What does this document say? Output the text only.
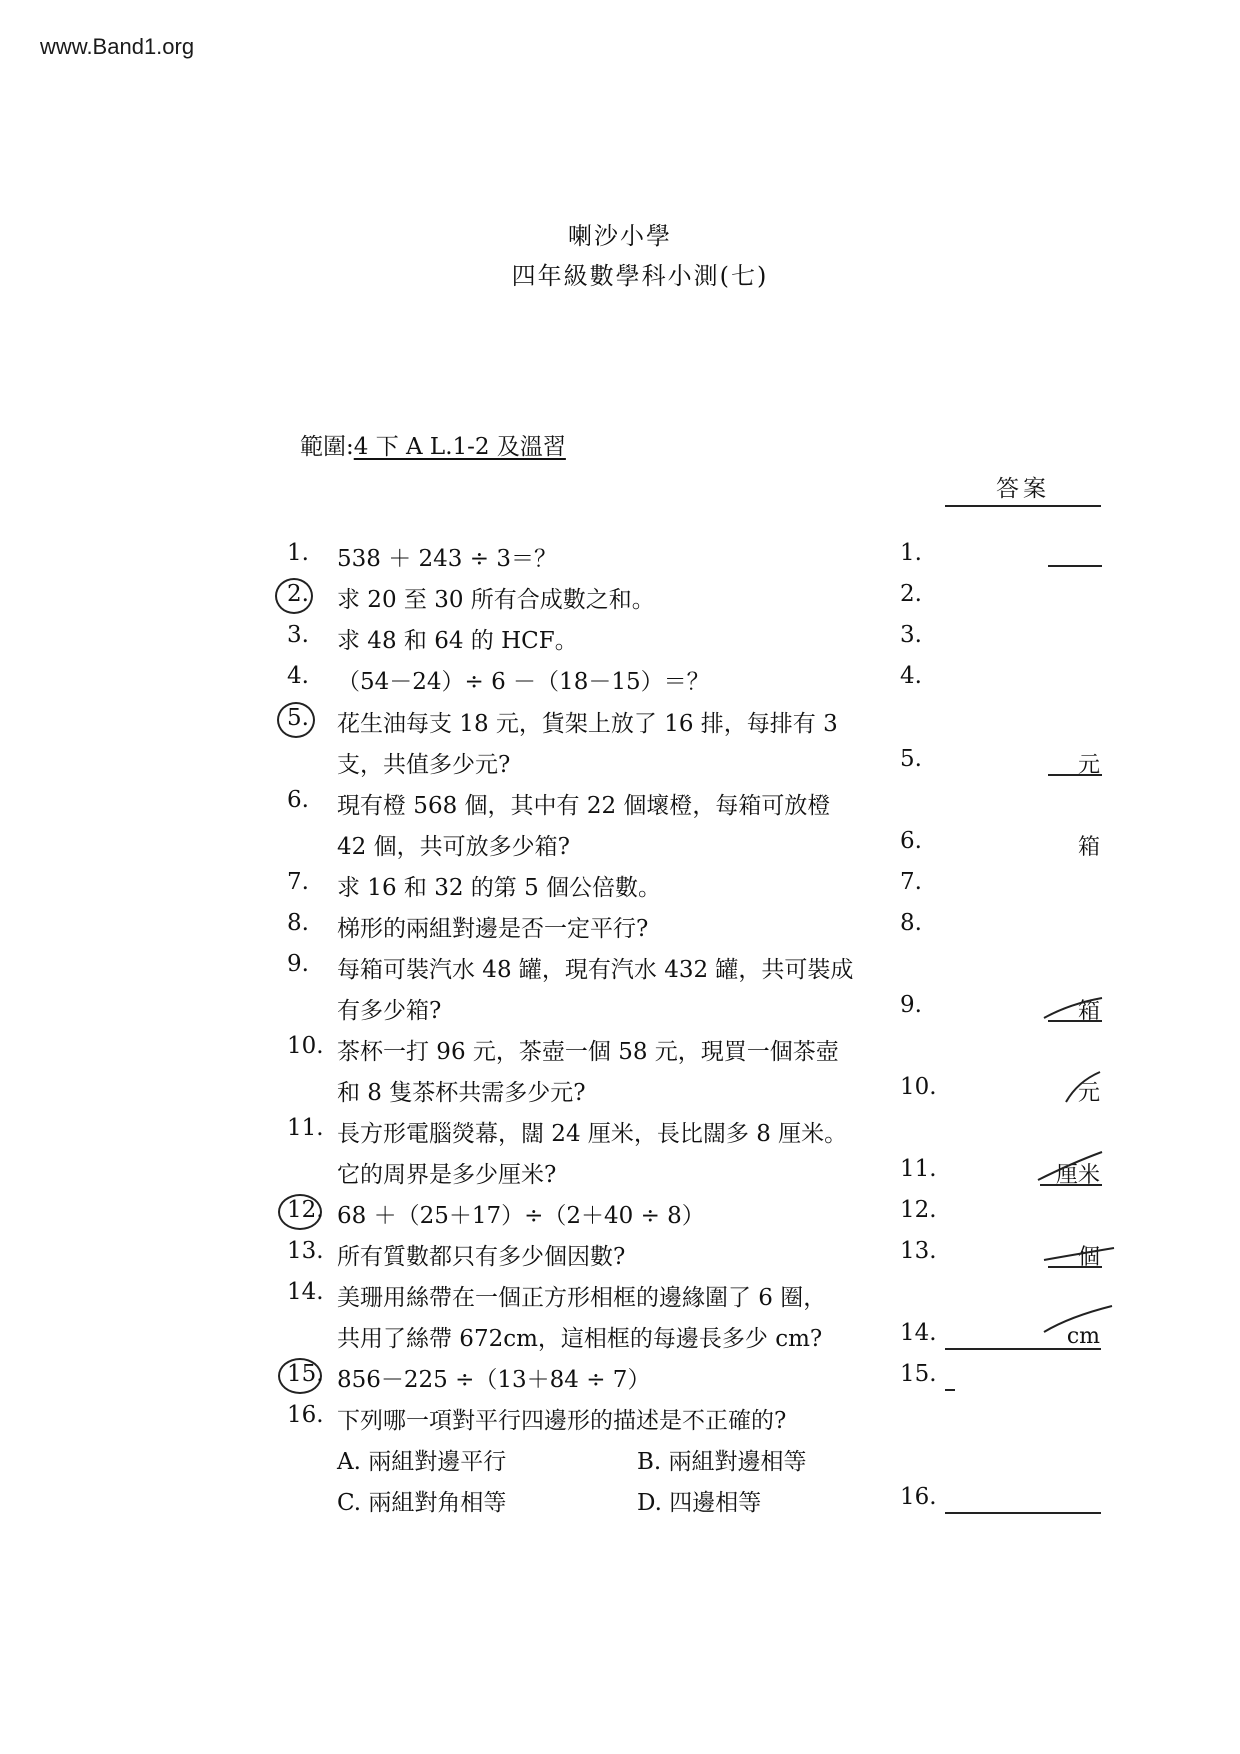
www.Band1.org
喇沙小學
四年級數學科小測(七)
範圍:4 下 A L.1-2 及溫習
答案
1.	538 ＋ 243 ÷ 3＝？	1.
2.	求 20 至 30 所有合成數之和。	2.
3.	求 48 和 64 的 HCF。	3.
4.	（54－24）÷ 6 －（18－15）＝？	4.
5.	花生油每支 18 元，貨架上放了 16 排，每排有 3
支，共值多少元?	5.	元
6.	現有橙 568 個，其中有 22 個壞橙，每箱可放橙
42 個，共可放多少箱?	6.	箱
7.	求 16 和 32 的第 5 個公倍數。	7.
8.	梯形的兩組對邊是否一定平行?	8.
9.	每箱可裝汽水 48 罐，現有汽水 432 罐，共可裝成
有多少箱?	9.	箱
10. 茶杯一打 96 元，茶壺一個 58 元，現買一個茶壺
和 8 隻茶杯共需多少元?	10.	元
11. 長方形電腦熒幕，闊 24 厘米，長比闊多 8 厘米。
它的周界是多少厘米?	11.	厘米
12. 68 ＋（25＋17）÷（2＋40 ÷ 8）	12.
13. 所有質數都只有多少個因數?	13.	個
14. 美珊用絲帶在一個正方形相框的邊緣圍了 6 圈，
共用了絲帶 672cm，這相框的每邊長多少 cm?	14.	cm
15. 856－225 ÷（13＋84 ÷ 7）	15.
16. 下列哪一項對平行四邊形的描述是不正確的?
A. 兩組對邊平行	B. 兩組對邊相等
C. 兩組對角相等	D. 四邊相等	16.
